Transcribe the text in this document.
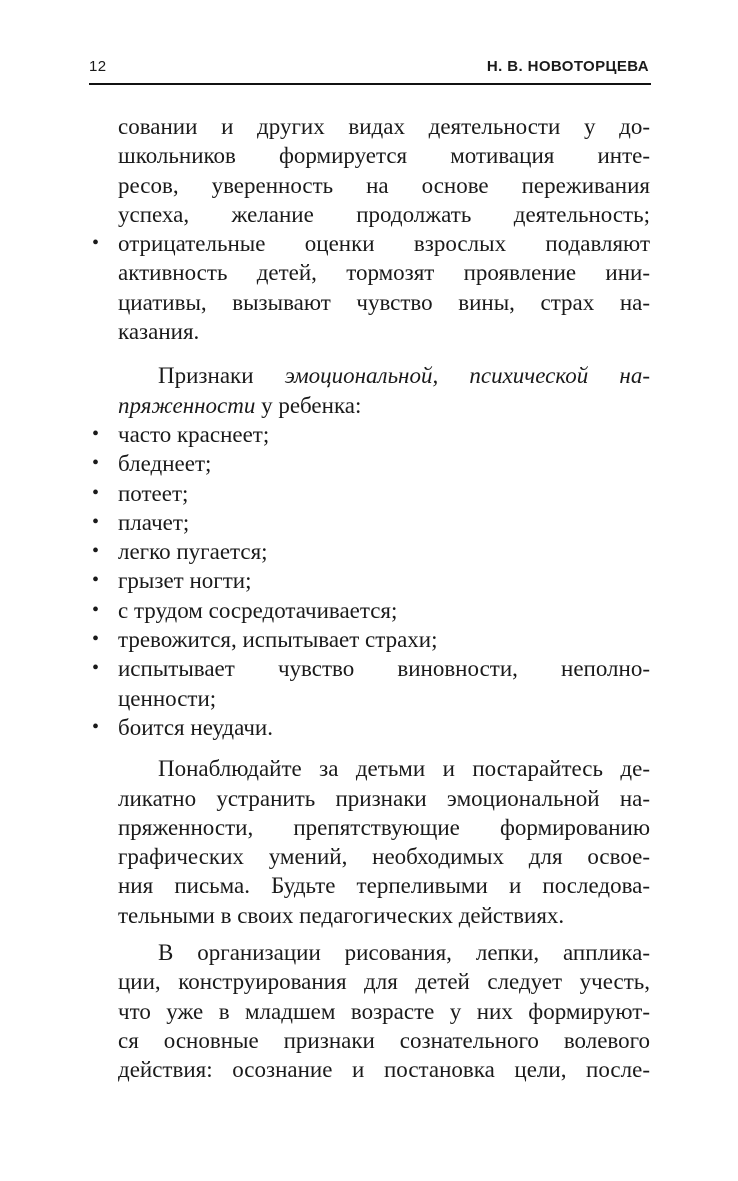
12	Н. В. НОВОТОРЦЕВА
совании и других видах деятельности у до-
школьников формируется мотивация инте-
ресов, уверенность на основе переживания
успеха, желание продолжать деятельность;
• отрицательные оценки взрослых подавляют
активность детей, тормозят проявление ини-
циативы, вызывают чувство вины, страх на-
казания.
Признаки эмоциональной, психической на-
пряженности у ребенка:
• часто краснеет;
• бледнеет;
• потеет;
• плачет;
• легко пугается;
• грызет ногти;
• с трудом сосредотачивается;
• тревожится, испытывает страхи;
• испытывает чувство виновности, неполно-
ценности;
• боится неудачи.
Понаблюдайте за детьми и постарайтесь де-
ликатно устранить признаки эмоциональной на-
пряженности, препятствующие формированию
графических умений, необходимых для освое-
ния письма. Будьте терпеливыми и последова-
тельными в своих педагогических действиях.
В организации рисования, лепки, апплика-
ции, конструирования для детей следует учесть,
что уже в младшем возрасте у них формируют-
ся основные признаки сознательного волевого
действия: осознание и постановка цели, после-
